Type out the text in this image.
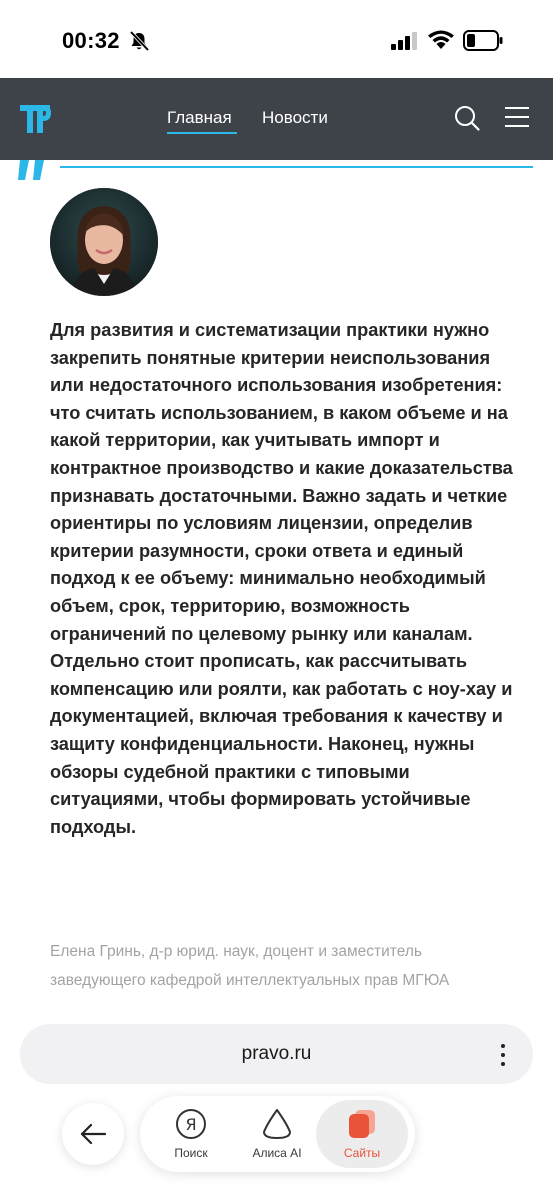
00:32
Главная Новости
Для развития и систематизации практики нужно закрепить понятные критерии неиспользования или недостаточного использования изобретения: что считать использованием, в каком объеме и на какой территории, как учитывать импорт и контрактное производство и какие доказательства признавать достаточными. Важно задать и четкие ориентиры по условиям лицензии, определив критерии разумности, сроки ответа и единый подход к ее объему: минимально необходимый объем, срок, территорию, возможность ограничений по целевому рынку или каналам. Отдельно стоит прописать, как рассчитывать компенсацию или роялти, как работать с ноу-хау и документацией, включая требования к качеству и защиту конфиденциальности. Наконец, нужны обзоры судебной практики с типовыми ситуациями, чтобы формировать устойчивые подходы.
Елена Гринь, д-р юрид. наук, доцент и заместитель заведующего кафедрой интеллектуальных прав МГЮА
pravo.ru
Я
Поиск	Алиса AI	Сайты
